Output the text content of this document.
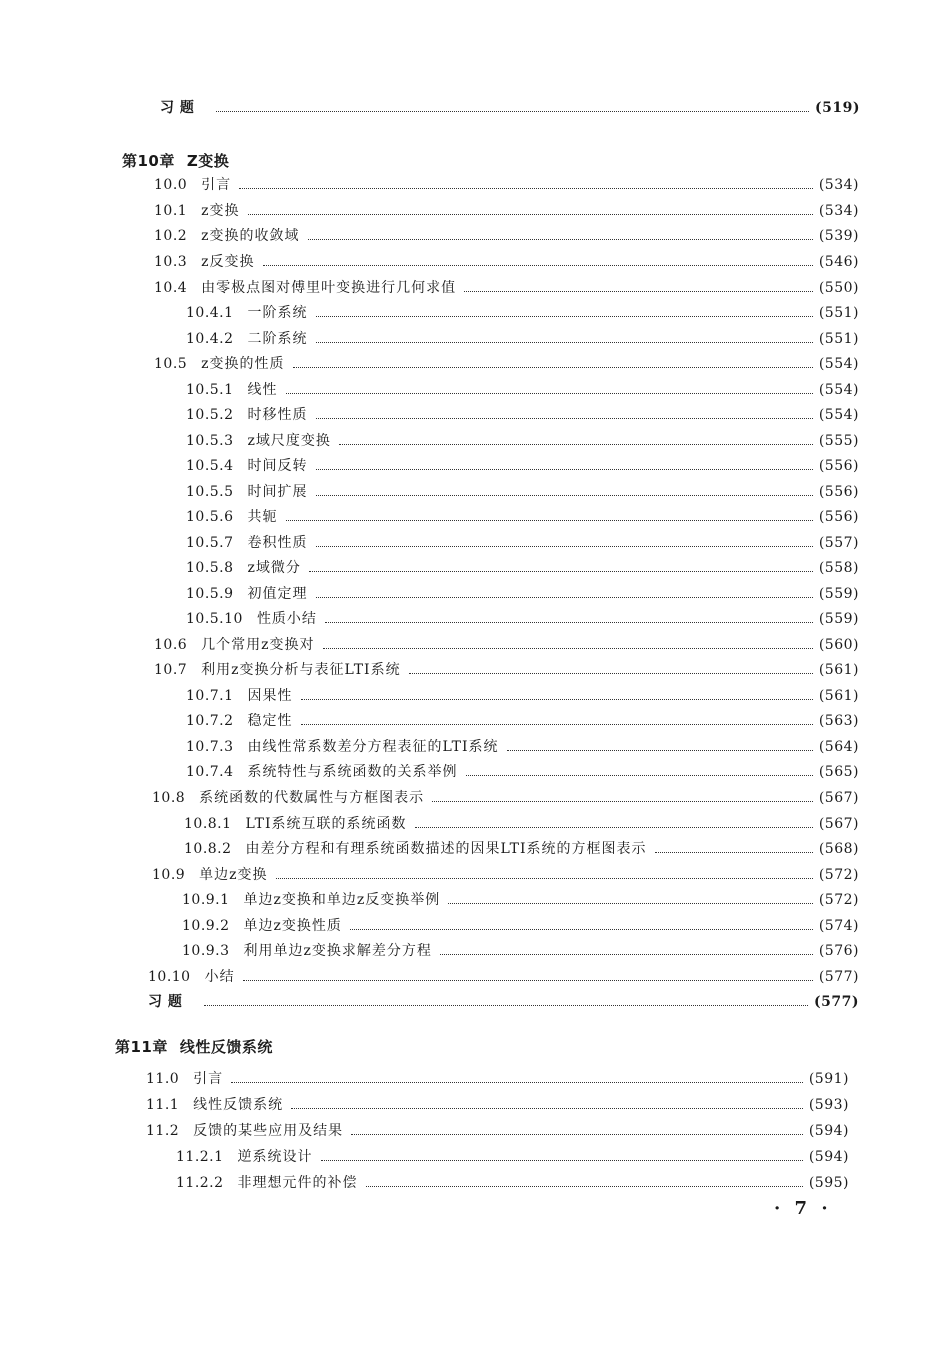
习 题	(519)
第10章 Z变换
10.0 引言	(534)
10.1 z变换	(534)
10.2 z变换的收敛域	(539)
10.3 z反变换	(546)
10.4 由零极点图对傅里叶变换进行几何求值	(550)
10.4.1 一阶系统	(551)
10.4.2 二阶系统	(551)
10.5 z变换的性质	(554)
10.5.1 线性	(554)
10.5.2 时移性质	(554)
10.5.3 z域尺度变换	(555)
10.5.4 时间反转	(556)
10.5.5 时间扩展	(556)
10.5.6 共轭	(556)
10.5.7 卷积性质	(557)
10.5.8 z域微分	(558)
10.5.9 初值定理	(559)
10.5.10 性质小结	(559)
10.6 几个常用z变换对	(560)
10.7 利用z变换分析与表征LTI系统	(561)
10.7.1 因果性	(561)
10.7.2 稳定性	(563)
10.7.3 由线性常系数差分方程表征的LTI系统	(564)
10.7.4 系统特性与系统函数的关系举例	(565)
10.8 系统函数的代数属性与方框图表示	(567)
10.8.1 LTI系统互联的系统函数	(567)
10.8.2 由差分方程和有理系统函数描述的因果LTI系统的方框图表示	(568)
10.9 单边z变换	(572)
10.9.1 单边z变换和单边z反变换举例	(572)
10.9.2 单边z变换性质	(574)
10.9.3 利用单边z变换求解差分方程	(576)
10.10 小结	(577)
习 题	(577)
第11章 线性反馈系统
11.0 引言	(591)
11.1 线性反馈系统	(593)
11.2 反馈的某些应用及结果	(594)
11.2.1 逆系统设计	(594)
11.2.2 非理想元件的补偿	(595)
· 7 ·
